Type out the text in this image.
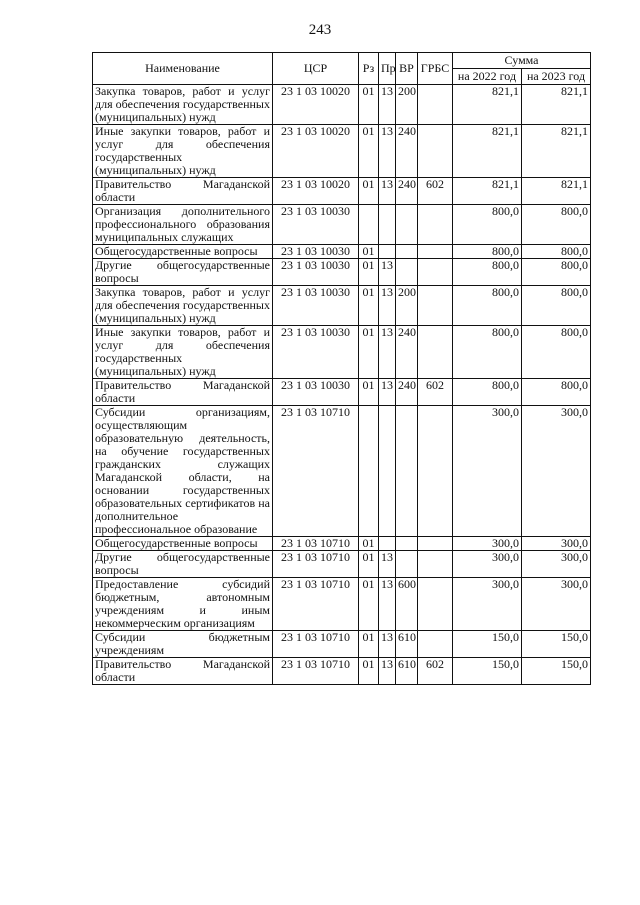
243
Наименование	ЦСР	Рз	Пр	ВР	ГРБС	Сумма	
						на 2022 год	на 2023 год
Закупка товаров, работ и услуг для обеспечения государственных (муниципальных) нужд	23 1 03 10020	01	13	200		821,1	821,1
Иные закупки товаров, работ и услуг для обеспечения государственных (муниципальных) нужд	23 1 03 10020	01	13	240		821,1	821,1
Правительство Магаданской области	23 1 03 10020	01	13	240	602	821,1	821,1
Организация дополнительного профессионального образования муниципальных служащих	23 1 03 10030					800,0	800,0
Общегосударственные вопросы	23 1 03 10030	01				800,0	800,0
Другие общегосударственные вопросы	23 1 03 10030	01	13			800,0	800,0
Закупка товаров, работ и услуг для обеспечения государственных (муниципальных) нужд	23 1 03 10030	01	13	200		800,0	800,0
Иные закупки товаров, работ и услуг для обеспечения государственных (муниципальных) нужд	23 1 03 10030	01	13	240		800,0	800,0
Правительство Магаданской области	23 1 03 10030	01	13	240	602	800,0	800,0
Субсидии организациям, осуществляющим образовательную деятельность, на обучение государственных гражданских служащих Магаданской области, на основании государственных образовательных сертификатов на дополнительное профессиональное образование	23 1 03 10710					300,0	300,0
Общегосударственные вопросы	23 1 03 10710	01				300,0	300,0
Другие общегосударственные вопросы	23 1 03 10710	01	13			300,0	300,0
Предоставление субсидий бюджетным, автономным учреждениям и иным некоммерческим организациям	23 1 03 10710	01	13	600		300,0	300,0
Субсидии бюджетным учреждениям	23 1 03 10710	01	13	610		150,0	150,0
Правительство Магаданской области	23 1 03 10710	01	13	610	602	150,0	150,0
